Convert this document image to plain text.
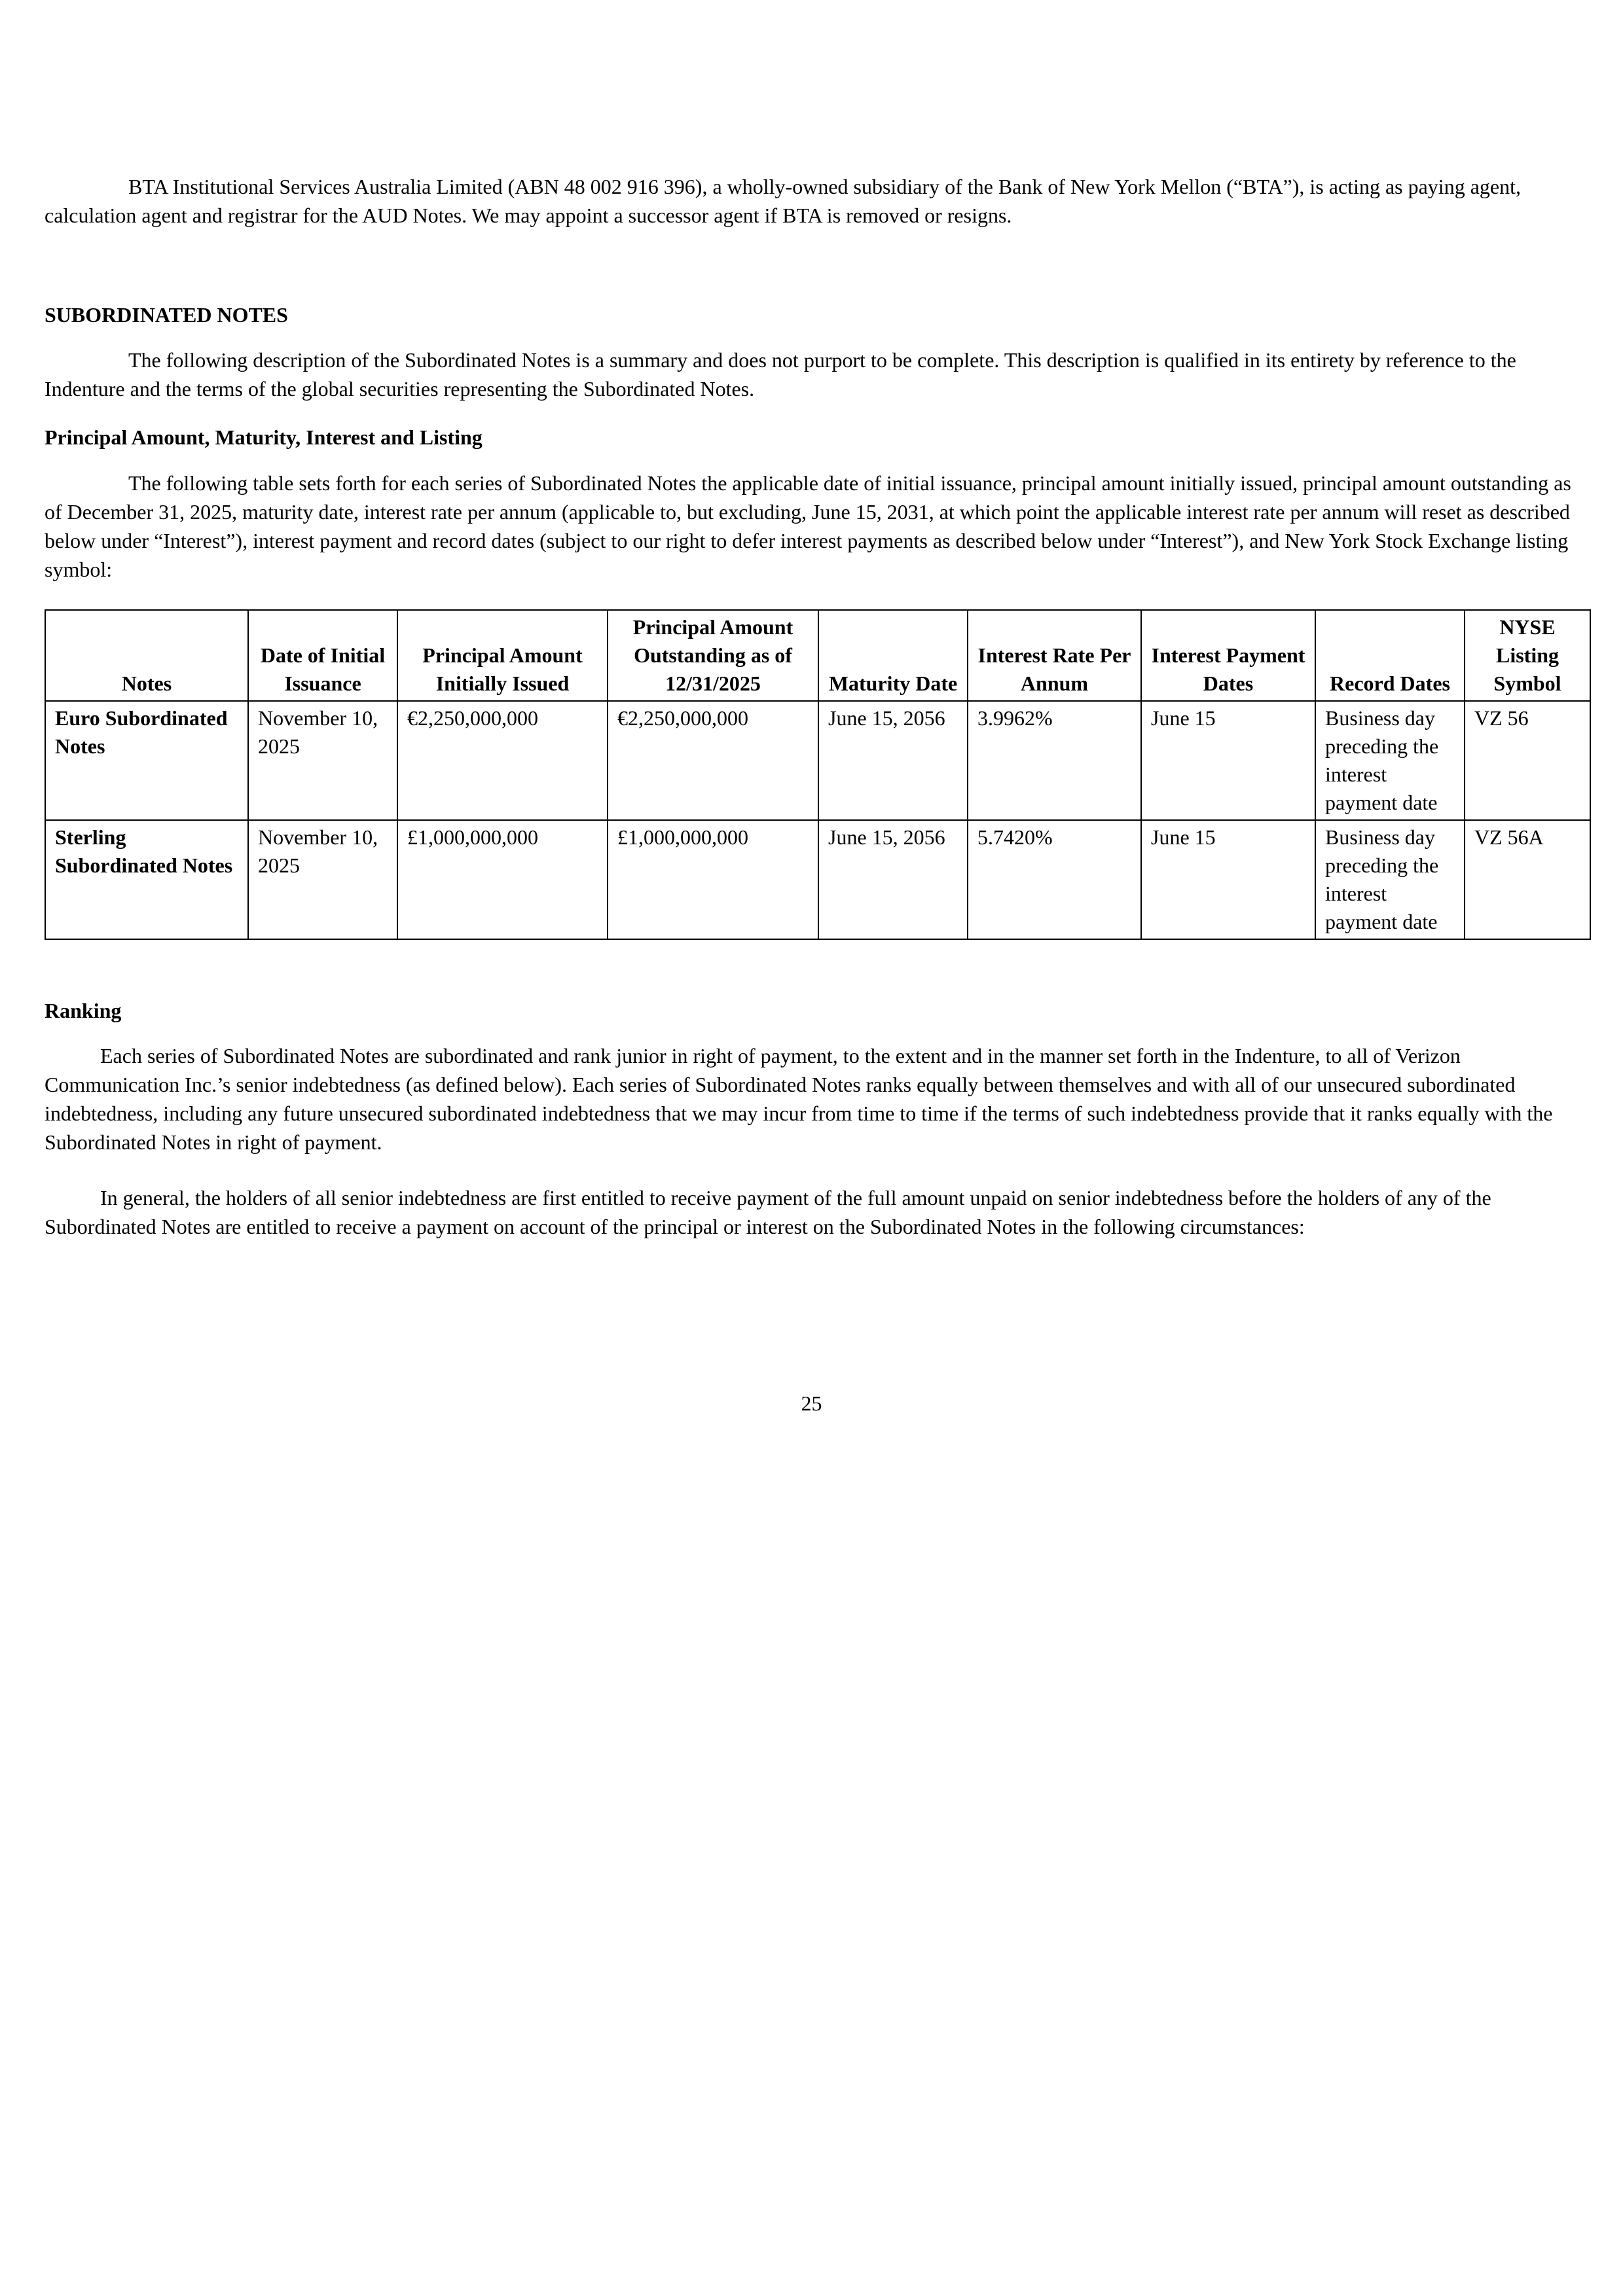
BTA Institutional Services Australia Limited (ABN 48 002 916 396), a wholly-owned subsidiary of the Bank of New York Mellon (“BTA”), is acting as paying agent, calculation agent and registrar for the AUD Notes. We may appoint a successor agent if BTA is removed or resigns.

SUBORDINATED NOTES

The following description of the Subordinated Notes is a summary and does not purport to be complete. This description is qualified in its entirety by reference to the Indenture and the terms of the global securities representing the Subordinated Notes.

Principal Amount, Maturity, Interest and Listing

The following table sets forth for each series of Subordinated Notes the applicable date of initial issuance, principal amount initially issued, principal amount outstanding as of December 31, 2025, maturity date, interest rate per annum (applicable to, but excluding, June 15, 2031, at which point the applicable interest rate per annum will reset as described below under “Interest”), interest payment and record dates (subject to our right to defer interest payments as described below under “Interest”), and New York Stock Exchange listing symbol:

Notes	Date of Initial Issuance	Principal Amount Initially Issued	Principal Amount Outstanding as of 12/31/2025	Maturity Date	Interest Rate Per Annum	Interest Payment Dates	Record Dates	NYSE Listing Symbol
Euro Subordinated Notes	November 10, 2025	€2,250,000,000	€2,250,000,000	June 15, 2056	3.9962%	June 15	Business day preceding the interest payment date	VZ 56
Sterling Subordinated Notes	November 10, 2025	£1,000,000,000	£1,000,000,000	June 15, 2056	5.7420%	June 15	Business day preceding the interest payment date	VZ 56A

Ranking

Each series of Subordinated Notes are subordinated and rank junior in right of payment, to the extent and in the manner set forth in the Indenture, to all of Verizon Communication Inc.’s senior indebtedness (as defined below). Each series of Subordinated Notes ranks equally between themselves and with all of our unsecured subordinated indebtedness, including any future unsecured subordinated indebtedness that we may incur from time to time if the terms of such indebtedness provide that it ranks equally with the Subordinated Notes in right of payment.

In general, the holders of all senior indebtedness are first entitled to receive payment of the full amount unpaid on senior indebtedness before the holders of any of the Subordinated Notes are entitled to receive a payment on account of the principal or interest on the Subordinated Notes in the following circumstances:

25
